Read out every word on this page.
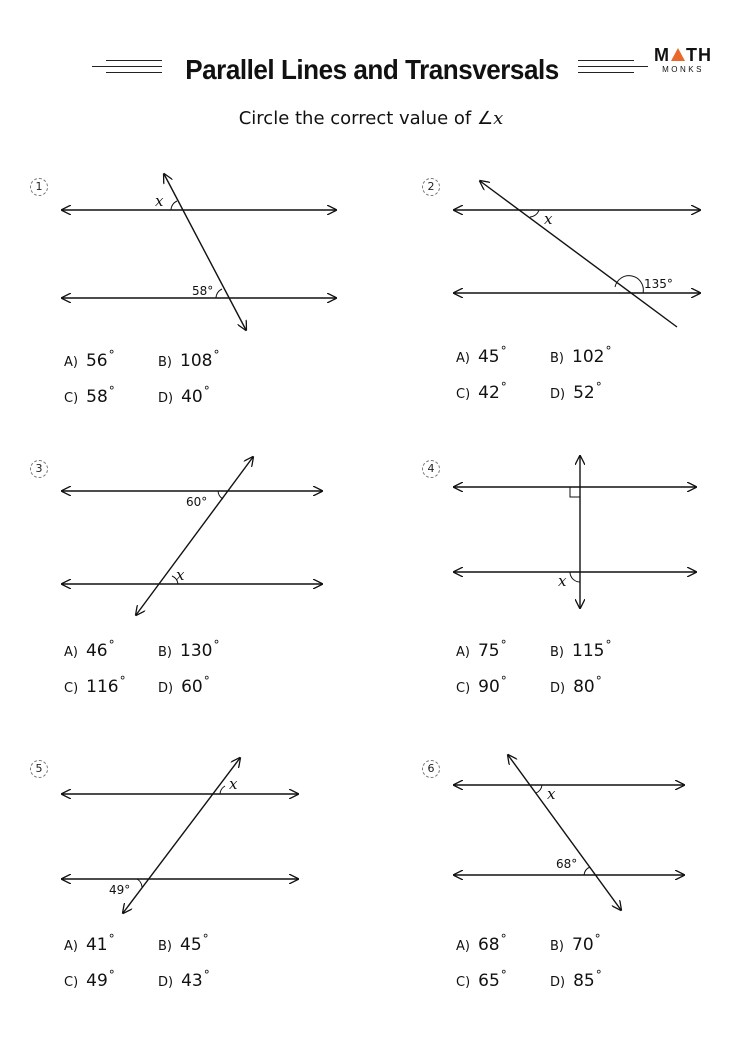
Parallel Lines and Transversals	M TH
MONKS
Circle the correct value of ∠x
1
x
58°
A) 56°	B) 108°
C) 58°	D) 40°
2
x
135°
A) 45°	B) 102°
C) 42°	D) 52°
3
60°
x
A) 46°	B) 130°
C) 116° D) 60°
4
x
A) 75°	B) 115°
C) 90°	D) 80°
5
x
49°
A) 41°	B) 45°
C) 49°	D) 43°
6
x
68°
A) 68°	B) 70°
C) 65°	D) 85°
